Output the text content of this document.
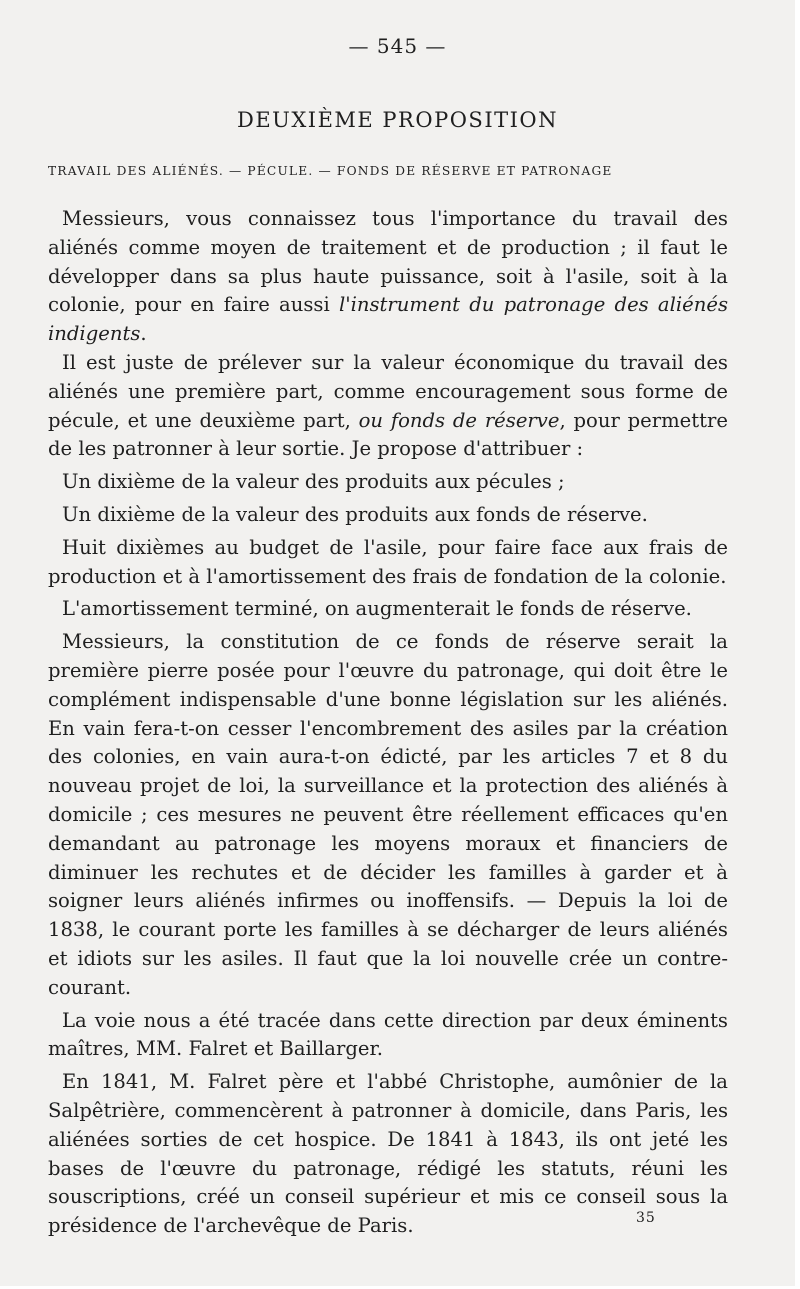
— 545 —
DEUXIÈME PROPOSITION
TRAVAIL DES ALIÉNÉS. — PÉCULE. — FONDS DE RÉSERVE ET PATRONAGE

Messieurs, vous connaissez tous l'importance du travail des aliénés comme moyen de traitement et de production ; il faut le développer dans sa plus haute puissance, soit à l'asile, soit à la colonie, pour en faire aussi l'instrument du patronage des aliénés indigents.

Il est juste de prélever sur la valeur économique du travail des aliénés une première part, comme encouragement sous forme de pécule, et une deuxième part, ou fonds de réserve, pour permettre de les patronner à leur sortie. Je propose d'attribuer :

Un dixième de la valeur des produits aux pécules ;

Un dixième de la valeur des produits aux fonds de réserve.

Huit dixièmes au budget de l'asile, pour faire face aux frais de production et à l'amortissement des frais de fondation de la colonie.

L'amortissement terminé, on augmenterait le fonds de réserve.

Messieurs, la constitution de ce fonds de réserve serait la première pierre posée pour l'œuvre du patronage, qui doit être le complément indispensable d'une bonne législation sur les aliénés. En vain fera-t-on cesser l'encombrement des asiles par la création des colonies, en vain aura-t-on édicté, par les articles 7 et 8 du nouveau projet de loi, la surveillance et la protection des aliénés à domicile ; ces mesures ne peuvent être réellement efficaces qu'en demandant au patronage les moyens moraux et financiers de diminuer les rechutes et de décider les familles à garder et à soigner leurs aliénés infirmes ou inoffensifs. — Depuis la loi de 1838, le courant porte les familles à se décharger de leurs aliénés et idiots sur les asiles. Il faut que la loi nouvelle crée un contre-courant.

La voie nous a été tracée dans cette direction par deux éminents maîtres, MM. Falret et Baillarger.

En 1841, M. Falret père et l'abbé Christophe, aumônier de la Salpêtrière, commencèrent à patronner à domicile, dans Paris, les aliénées sorties de cet hospice. De 1841 à 1843, ils ont jeté les bases de l'œuvre du patronage, rédigé les statuts, réuni les souscriptions, créé un conseil supérieur et mis ce conseil sous la présidence de l'archevêque de Paris.	35
